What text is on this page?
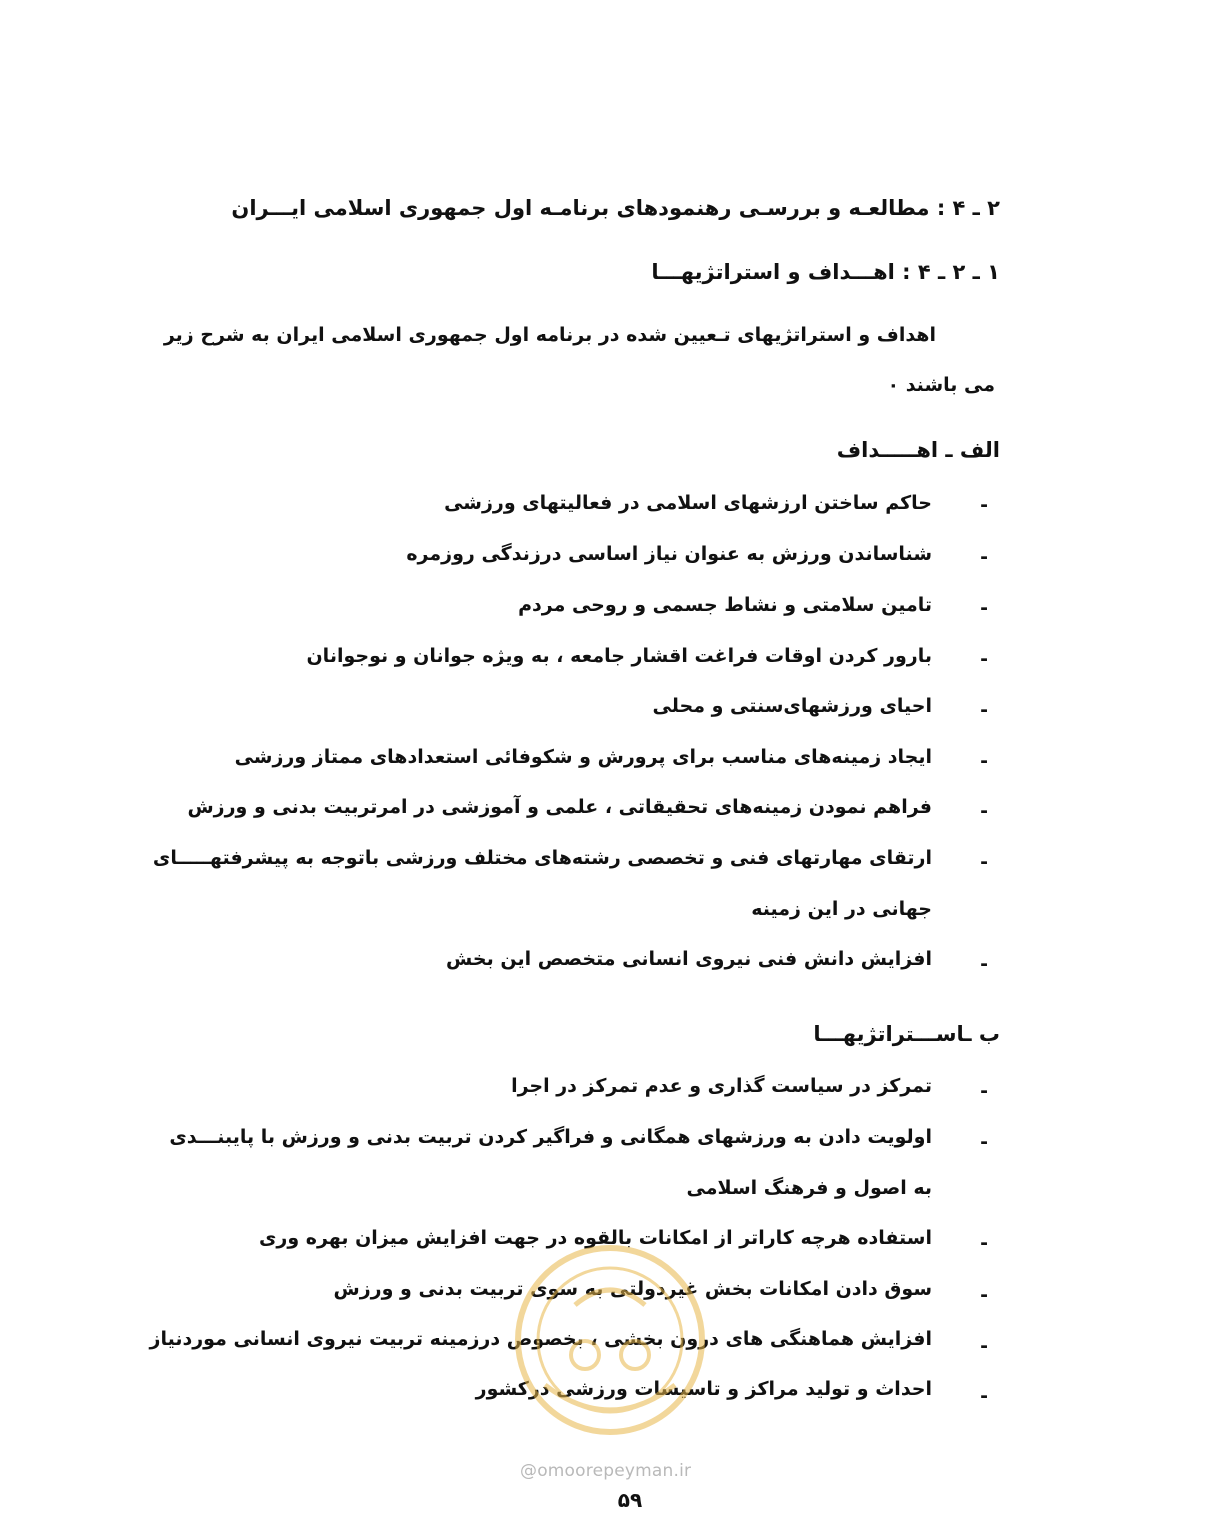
۲ ـ ۴ : مطالعـه و بررسـی رهنمودهای برنامـه اول جمهوری اسلامی ایـــران
۱ ـ ۲ ـ ۴ : اهـــداف و استراتژیهـــا
اهداف و استراتژیهای تـعیین شده در برنامه اول جمهوری اسلامی ایران به شرح زیر
می باشند ٠
الف ـ اهـــــداف
-
حاکم ساختن ارزشهای اسلامی در فعالیتهای ورزشی
-
شناساندن ورزش به عنوان نیاز اساسی درزندگی روزمره
-
تامین سلامتی و نشاط جسمی و روحی مردم
-
بارور کردن اوقات فراغت اقشار جامعه ، به ویژه جوانان و نوجوانان
-
احیای ورزشهای‌سنتی و محلی
-
ایجاد زمینه‌های مناسب برای پرورش و شکوفائی استعدادهای ممتاز ورزشی
-
فراهم نمودن زمینه‌های تحقیقاتی ، علمی و آموزشی در امرتربیت بدنی و ورزش
-
ارتقای مهارتهای فنی و تخصصی رشته‌های مختلف ورزشی باتوجه به پیشرفتهـــــای
جهانی در این زمینه
-
افزایش دانش فنی نیروی انسانی متخصص این بخش
ب ـاســـتراتژیهـــا
-
تمرکز در سیاست گذاری و عدم تمرکز در اجرا
-
اولویت دادن به ورزشهای همگانی و فراگیر کردن تربیت بدنی و ورزش با پایبنـــدی
به اصول و فرهنگ اسلامی
-
استفاده هرچه کاراتر از امکانات بالقوه در جهت افزایش میزان بهره وری
-
سوق دادن امکانات بخش غیردولتی به سوی تربیت بدنی و ورزش
-
افزایش هماهنگی های درون بخشی ، بخصوص درزمینه تربیت نیروی انسانی موردنیاز
-
احداث و تولید مراکز و تاسیسات ورزشی درکشور
@omoorepeyman.ir
۵۹
